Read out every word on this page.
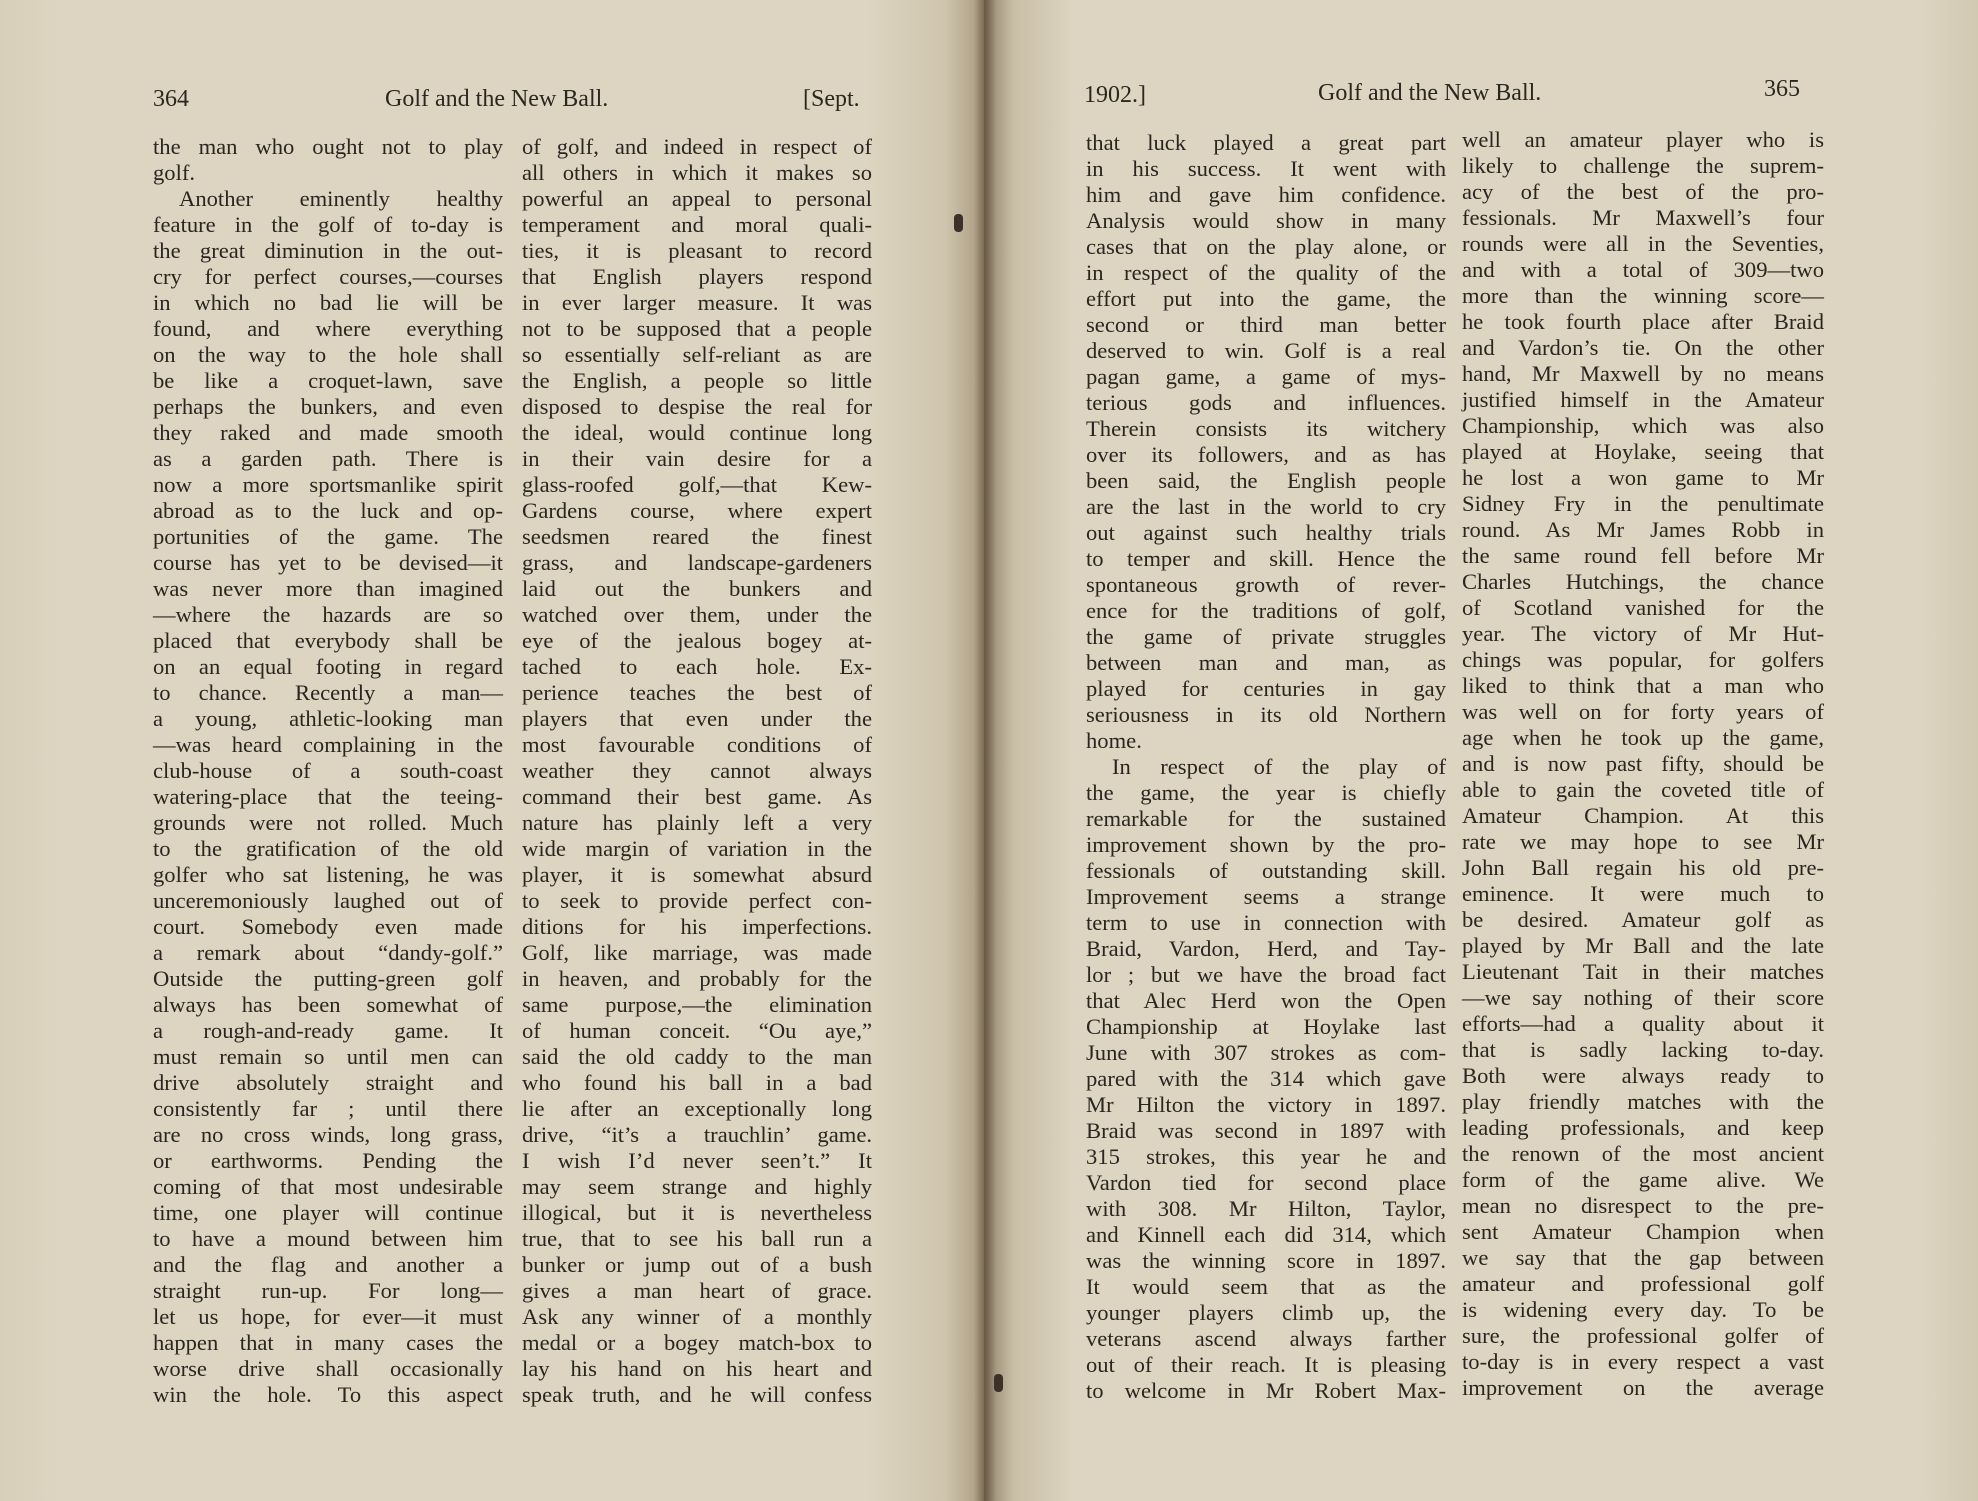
364	Golf and the New Ball.	[Sept.
the man who ought not to play
golf.
Another eminently healthy
feature in the golf of to-day is
the great diminution in the out-
cry for perfect courses,—courses
in which no bad lie will be
found, and where everything
on the way to the hole shall
be like a croquet-lawn, save
perhaps the bunkers, and even
they raked and made smooth
as a garden path. There is
now a more sportsmanlike spirit
abroad as to the luck and op-
portunities of the game. The
course has yet to be devised—it
was never more than imagined
—where the hazards are so
placed that everybody shall be
on an equal footing in regard
to chance. Recently a man—
a young, athletic-looking man
—was heard complaining in the
club-house of a south-coast
watering-place that the teeing-
grounds were not rolled. Much
to the gratification of the old
golfer who sat listening, he was
unceremoniously laughed out of
court. Somebody even made
a remark about “dandy-golf.”
Outside the putting-green golf
always has been somewhat of
a rough-and-ready game. It
must remain so until men can
drive absolutely straight and
consistently far ; until there
are no cross winds, long grass,
or earthworms. Pending the
coming of that most undesirable
time, one player will continue
to have a mound between him
and the flag and another a
straight run-up. For long—
let us hope, for ever—it must
happen that in many cases the
worse drive shall occasionally
win the hole. To this aspect
of golf, and indeed in respect of
all others in which it makes so
powerful an appeal to personal
temperament and moral quali-
ties, it is pleasant to record
that English players respond
in ever larger measure. It was
not to be supposed that a people
so essentially self-reliant as are
the English, a people so little
disposed to despise the real for
the ideal, would continue long
in their vain desire for a
glass-roofed golf,—that Kew-
Gardens course, where expert
seedsmen reared the finest
grass, and landscape-gardeners
laid out the bunkers and
watched over them, under the
eye of the jealous bogey at-
tached to each hole. Ex-
perience teaches the best of
players that even under the
most favourable conditions of
weather they cannot always
command their best game. As
nature has plainly left a very
wide margin of variation in the
player, it is somewhat absurd
to seek to provide perfect con-
ditions for his imperfections.
Golf, like marriage, was made
in heaven, and probably for the
same purpose,—the elimination
of human conceit. “Ou aye,”
said the old caddy to the man
who found his ball in a bad
lie after an exceptionally long
drive, “it’s a trauchlin’ game.
I wish I’d never seen’t.” It
may seem strange and highly
illogical, but it is nevertheless
true, that to see his ball run a
bunker or jump out of a bush
gives a man heart of grace.
Ask any winner of a monthly
medal or a bogey match-box to
lay his hand on his heart and
speak truth, and he will confess
1902.]	Golf and the New Ball.	365
that luck played a great part
in his success. It went with
him and gave him confidence.
Analysis would show in many
cases that on the play alone, or
in respect of the quality of the
effort put into the game, the
second or third man better
deserved to win. Golf is a real
pagan game, a game of mys-
terious gods and influences.
Therein consists its witchery
over its followers, and as has
been said, the English people
are the last in the world to cry
out against such healthy trials
to temper and skill. Hence the
spontaneous growth of rever-
ence for the traditions of golf,
the game of private struggles
between man and man, as
played for centuries in gay
seriousness in its old Northern
home.
In respect of the play of
the game, the year is chiefly
remarkable for the sustained
improvement shown by the pro-
fessionals of outstanding skill.
Improvement seems a strange
term to use in connection with
Braid, Vardon, Herd, and Tay-
lor ; but we have the broad fact
that Alec Herd won the Open
Championship at Hoylake last
June with 307 strokes as com-
pared with the 314 which gave
Mr Hilton the victory in 1897.
Braid was second in 1897 with
315 strokes, this year he and
Vardon tied for second place
with 308. Mr Hilton, Taylor,
and Kinnell each did 314, which
was the winning score in 1897.
It would seem that as the
younger players climb up, the
veterans ascend always farther
out of their reach. It is pleasing
to welcome in Mr Robert Max-
well an amateur player who is
likely to challenge the suprem-
acy of the best of the pro-
fessionals. Mr Maxwell’s four
rounds were all in the Seventies,
and with a total of 309—two
more than the winning score—
he took fourth place after Braid
and Vardon’s tie. On the other
hand, Mr Maxwell by no means
justified himself in the Amateur
Championship, which was also
played at Hoylake, seeing that
he lost a won game to Mr
Sidney Fry in the penultimate
round. As Mr James Robb in
the same round fell before Mr
Charles Hutchings, the chance
of Scotland vanished for the
year. The victory of Mr Hut-
chings was popular, for golfers
liked to think that a man who
was well on for forty years of
age when he took up the game,
and is now past fifty, should be
able to gain the coveted title of
Amateur Champion. At this
rate we may hope to see Mr
John Ball regain his old pre-
eminence. It were much to
be desired. Amateur golf as
played by Mr Ball and the late
Lieutenant Tait in their matches
—we say nothing of their score
efforts—had a quality about it
that is sadly lacking to-day.
Both were always ready to
play friendly matches with the
leading professionals, and keep
the renown of the most ancient
form of the game alive. We
mean no disrespect to the pre-
sent Amateur Champion when
we say that the gap between
amateur and professional golf
is widening every day. To be
sure, the professional golfer of
to-day is in every respect a vast
improvement on the average
